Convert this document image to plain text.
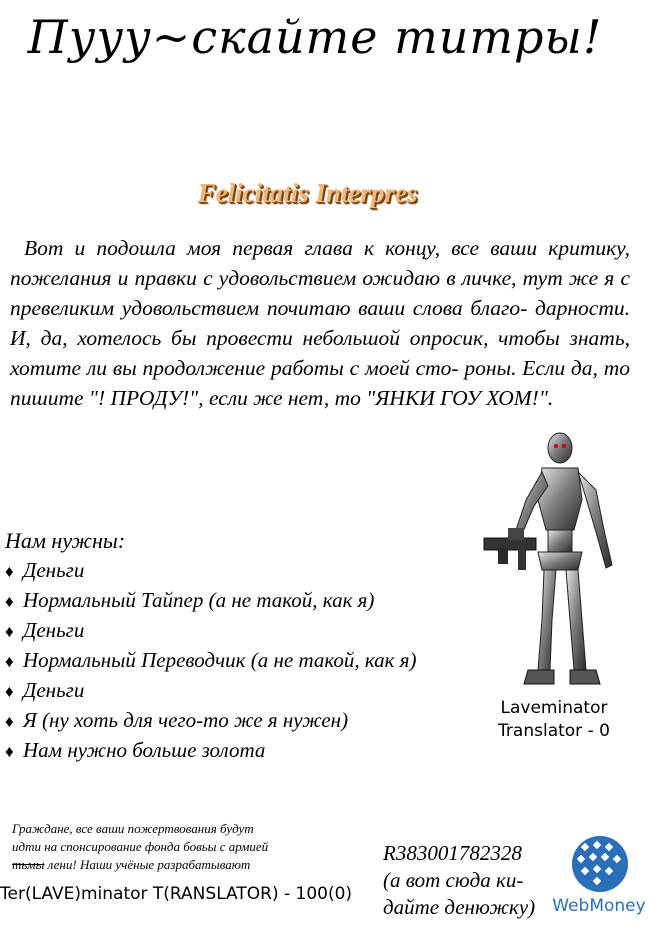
Пууу~скайте титры!
Felicitatis Interpres
Вот и подошла моя первая глава к концу, все ваши критику, пожелания и правки с удовольствием ожидаю в личке, тут же я с превеликим удовольствием почитаю ваши слова благо- дарности. И, да, хотелось бы провести небольшой опросик, чтобы знать, хотите ли вы продолжение работы с моей сто- роны. Если да, то пишите "! ПРОДУ!", если же нет, то "ЯНКИ ГОУ ХОМ!".
Нам нужны:
♦ Деньги
♦ Нормальный Тайпер (а не такой, как я)
♦ Деньги
♦ Нормальный Переводчик (а не такой, как я)
♦ Деньги
♦ Я (ну хоть для чего-то же я нужен)
♦ Нам нужно больше золота
Laveminator Translator - 0
Граждане, все ваши пожертвования будут
идти на спонсирование фонда бовьы с армией
тьмы лени! Наши учёные разрабатывают
Ter(LAVE)minator T(RANSLATOR) - 100(0)
R383001782328
(а вот сюда ки- дайте денюжку)	WebMoney
